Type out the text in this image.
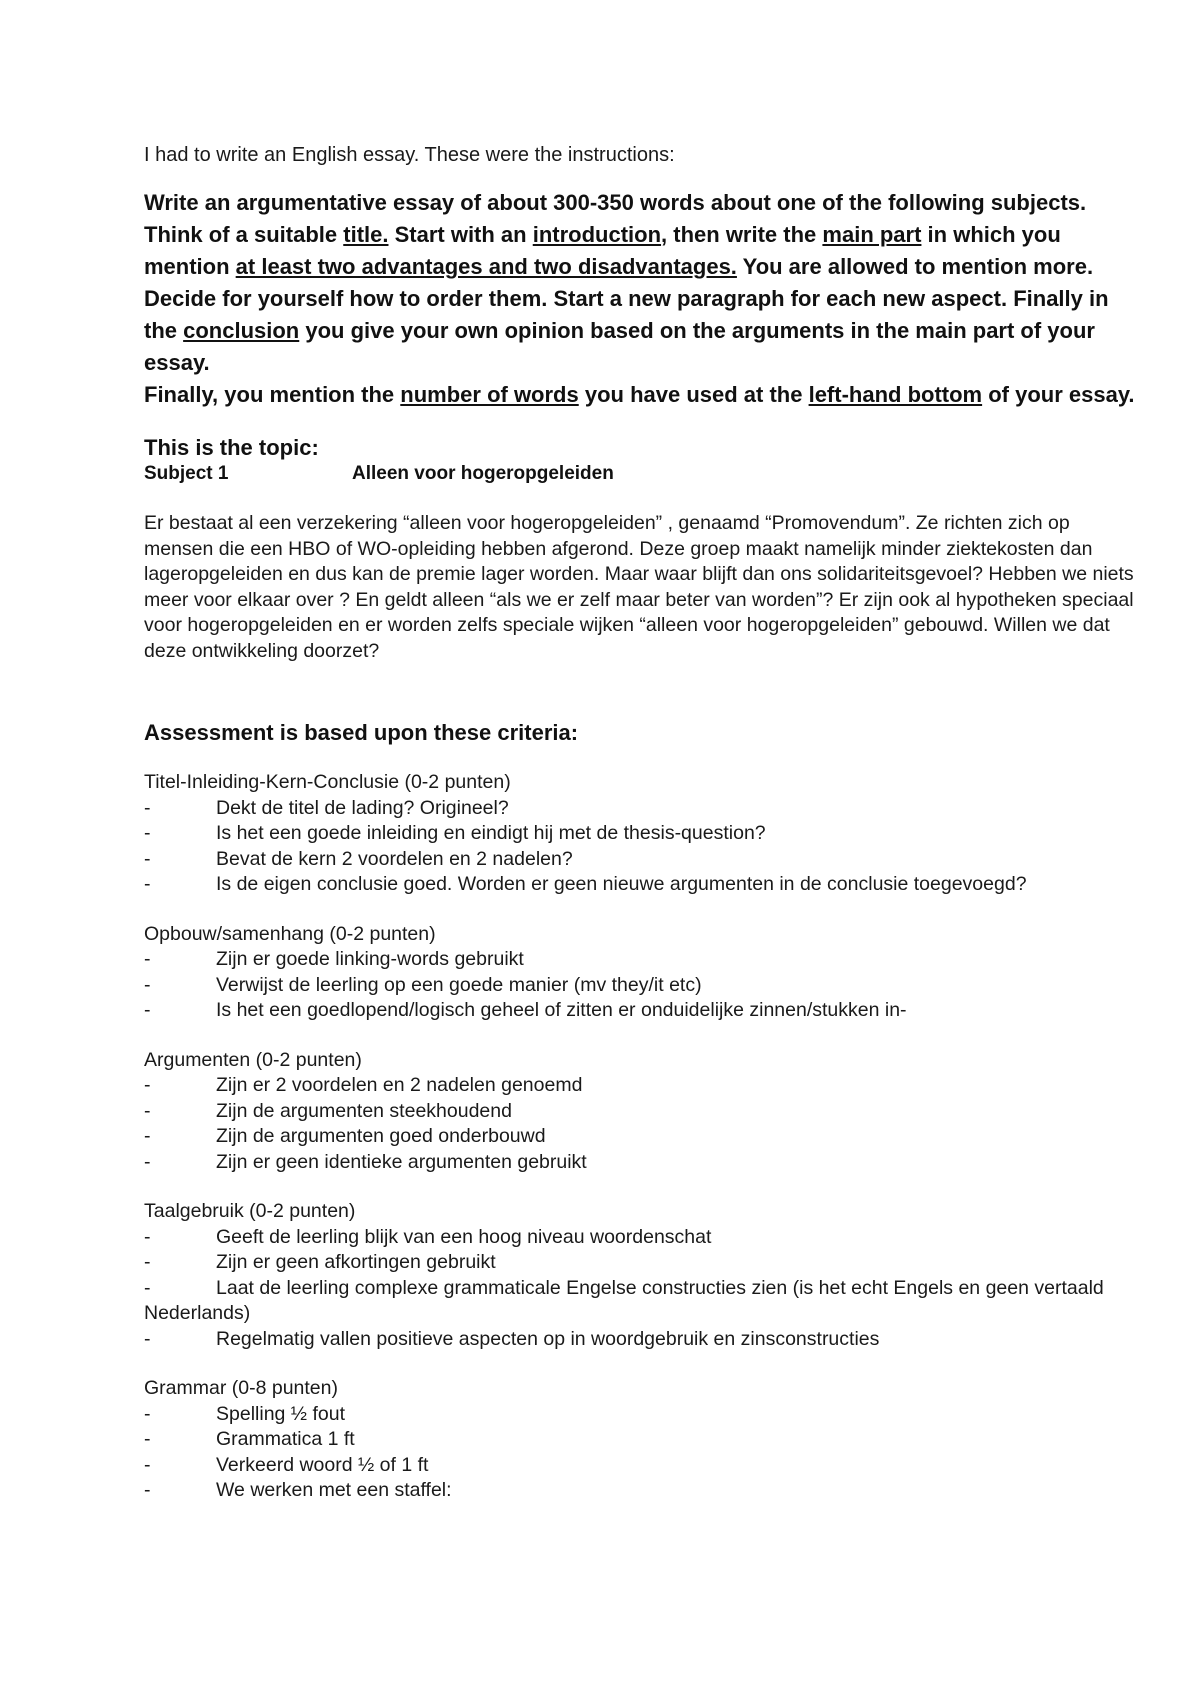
I had to write an English essay. These were the instructions:

Write an argumentative essay of about 300-350 words about one of the following subjects. Think of a suitable title. Start with an introduction, then write the main part in which you mention at least two advantages and two disadvantages. You are allowed to mention more. Decide for yourself how to order them. Start a new paragraph for each new aspect. Finally in the conclusion you give your own opinion based on the arguments in the main part of your essay.
Finally, you mention the number of words you have used at the left-hand bottom of your essay.

This is the topic:
Subject 1	Alleen voor hogeropgeleiden

Er bestaat al een verzekering “alleen voor hogeropgeleiden” , genaamd “Promovendum”. Ze richten zich op mensen die een HBO of WO-opleiding hebben afgerond. Deze groep maakt namelijk minder ziektekosten dan lageropgeleiden en dus kan de premie lager worden. Maar waar blijft dan ons solidariteitsgevoel? Hebben we niets meer voor elkaar over ? En geldt alleen “als we er zelf maar beter van worden”? Er zijn ook al hypotheken speciaal voor hogeropgeleiden en er worden zelfs speciale wijken “alleen voor hogeropgeleiden” gebouwd. Willen we dat deze ontwikkeling doorzet?

Assessment is based upon these criteria:
Titel-Inleiding-Kern-Conclusie (0-2 punten)
-	Dekt de titel de lading? Origineel?
-	Is het een goede inleiding en eindigt hij met de thesis-question?
-	Bevat de kern 2 voordelen en 2 nadelen?
-	Is de eigen conclusie goed. Worden er geen nieuwe argumenten in de conclusie toegevoegd?
Opbouw/samenhang (0-2 punten)
-	Zijn er goede linking-words gebruikt
-	Verwijst de leerling op een goede manier (mv they/it etc)
-	Is het een goedlopend/logisch geheel of zitten er onduidelijke zinnen/stukken in-
Argumenten (0-2 punten)
-	Zijn er 2 voordelen en 2 nadelen genoemd
-	Zijn de argumenten steekhoudend
-	Zijn de argumenten goed onderbouwd
-	Zijn er geen identieke argumenten gebruikt
Taalgebruik (0-2 punten)
-	Geeft de leerling blijk van een hoog niveau woordenschat
-	Zijn er geen afkortingen gebruikt
-	Laat de leerling complexe grammaticale Engelse constructies zien (is het echt Engels en geen vertaald Nederlands)
-	Regelmatig vallen positieve aspecten op in woordgebruik en zinsconstructies
Grammar (0-8 punten)
-	Spelling ½ fout
-	Grammatica 1 ft
-	Verkeerd woord ½ of 1 ft
-	We werken met een staffel:
